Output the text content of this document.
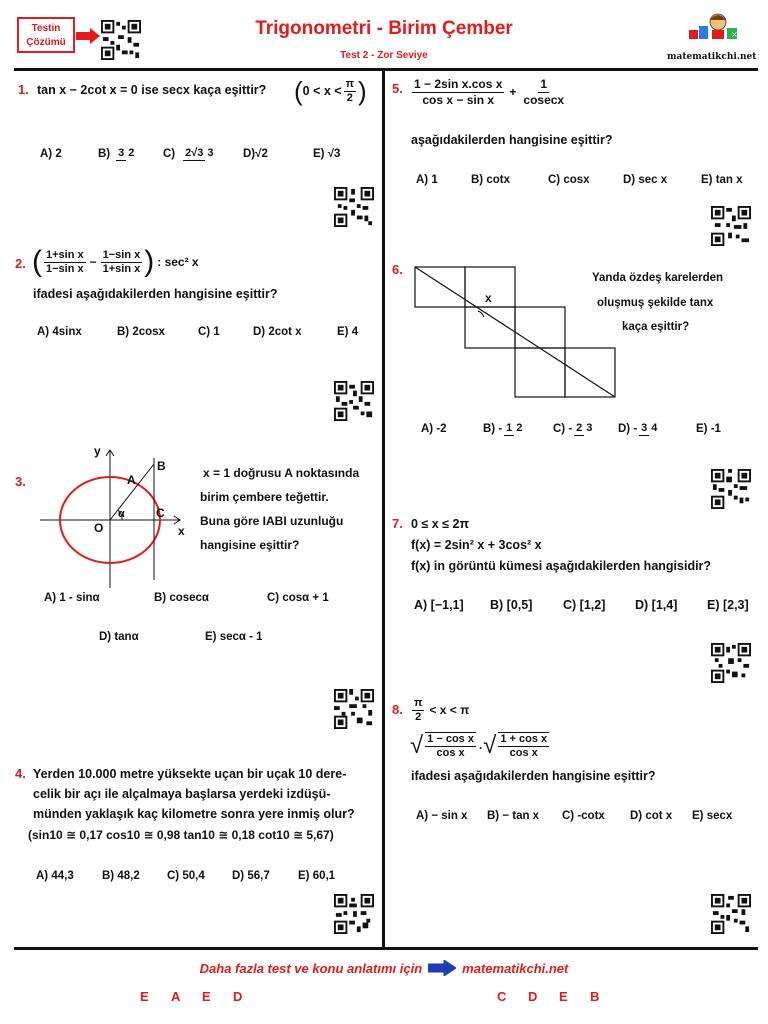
Testin Çözümü
Trigonometri - Birim Çember
Test 2 - Zor Seviye
×
matematikchi.net
1. tan x − 2cot x = 0 ise secx kaça eşittir? ( $0 < x < \frac{\pi}{2}$ )
A) 2	B) 3 2 C) 2√3 3	D)√2	E) √3
2. ( $\frac{\text{1+sin x}}{\text{1−sin x}} - \frac{\text{1−sin x}}{\text{1+sin x}}$ ) : sec² x
ifadesi aşağıdakilerden hangisine eşittir?
A) 4sinx	B) 2cosx	C) 1	D) 2cot x	E) 4
3.
y
B
A
α	C
O	x
x = 1 doğrusu A noktasında
birim çembere teğettir.
Buna göre IABI uzunluğu
hangisine eşittir?
A) 1 - sinα	B) cosecα	C) cosα + 1
D) tanα	E) secα - 1
4. Yerden 10.000 metre yüksekte uçan bir uçak 10 dere-
celik bir açı ile alçalmaya başlarsa yerdeki izdüşü-
münden yaklaşık kaç kilometre sonra yere inmiş olur?
(sin10 ≅ 0,17 cos10 ≅ 0,98 tan10 ≅ 0,18 cot10 ≅ 5,67)
A) 44,3	B) 48,2	C) 50,4	D) 56,7	E) 60,1
5. $\frac{\text{1 − 2sin x.cos x}}{\text{cos x − sin x}} + \frac{1}{cosecx}$
aşağıdakilerden hangisine eşittir?
A) 1	B) cotx	C) cosx	D) sec x	E) tan x
6.
x
Yanda özdeş karelerden
oluşmuş şekilde tanx
kaça eşittir?
A) -2	B) - 1 2	C) - 2 3 D) - 3 4	E) -1
7. 0 ≤ x ≤ 2π
f(x) = 2sin² x + 3cos² x
f(x) in görüntü kümesi aşağıdakilerden hangisidir?
A) [−1,1]	B) [0,5]	C) [1,2]	D) [1,4]	E) [2,3]
8. $\frac{\pi}{2} < x < \pi$
√ $\frac{\text{1 − cos x}}{\text{cos x}}$ . √ $\frac{\text{1 + cos x}}{\text{cos x}}$
ifadesi aşağıdakilerden hangisine eşittir?
A) − sin x	B) − tan x	C) -cotx	D) cot x	E) secx
Daha fazla test ve konu anlatımı için	matematikchi.net
E	A	E	D	C	D	E	B
